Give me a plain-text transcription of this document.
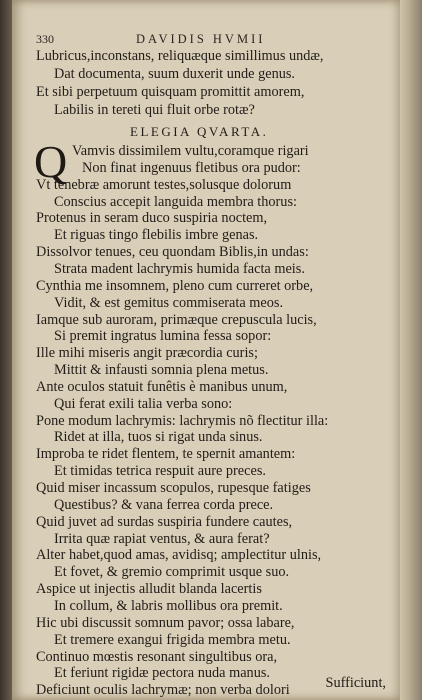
330	DAVIDIS HVMII
Lubricus,inconstans, reliquæque simillimus undæ,
Dat documenta, suum duxerit unde genus.
Et sibi perpetuum quisquam promittit amorem,
Labilis in tereti qui fluit orbe rotæ?
ELEGIA QVARTA.
Q Vamvis dissimilem vultu,coramque rigari
Non finat ingenuus fletibus ora pudor:
Vt tenebræ amorunt testes,solusque dolorum
Conscius accepit languida membra thorus:
Protenus in seram duco suspiria noctem,
Et riguas tingo flebilis imbre genas.
Dissolvor tenues, ceu quondam Biblis,in undas:
Strata madent lachrymis humida facta meis.
Cynthia me insomnem, pleno cum curreret orbe,
Vidit, & est gemitus commiserata meos.
Iamque sub auroram, primæque crepuscula lucis,
Si premit ingratus lumina fessa sopor:
Ille mihi miseris angit præcordia curis;
Mittit & infausti somnia plena metus.
Ante oculos statuit funêtis è manibus unum,
Qui ferat exili talia verba sono:
Pone modum lachrymis: lachrymis nõ flectitur illa:
Ridet at illa, tuos si rigat unda sinus.
Improba te ridet flentem, te spernit amantem:
Et timidas tetrica respuit aure preces.
Quid miser incassum scopulos, rupesque fatiges
Questibus? & vana ferrea corda prece.
Quid juvet ad surdas suspiria fundere cautes,
Irrita quæ rapiat ventus, & aura ferat?
Alter habet,quod amas, avidisq; amplectitur ulnis,
Et fovet, & gremio comprimit usque suo.
Aspice ut injectis alludit blanda lacertis
In collum, & labris mollibus ora premit.
Hic ubi discussit somnum pavor; ossa labare,
Et tremere exangui frigida membra metu.
Continuo mœstis resonant singultibus ora,
Et feriunt rigidæ pectora nuda manus.
Deficiunt oculis lachrymæ; non verba dolori	Sufficiunt,
